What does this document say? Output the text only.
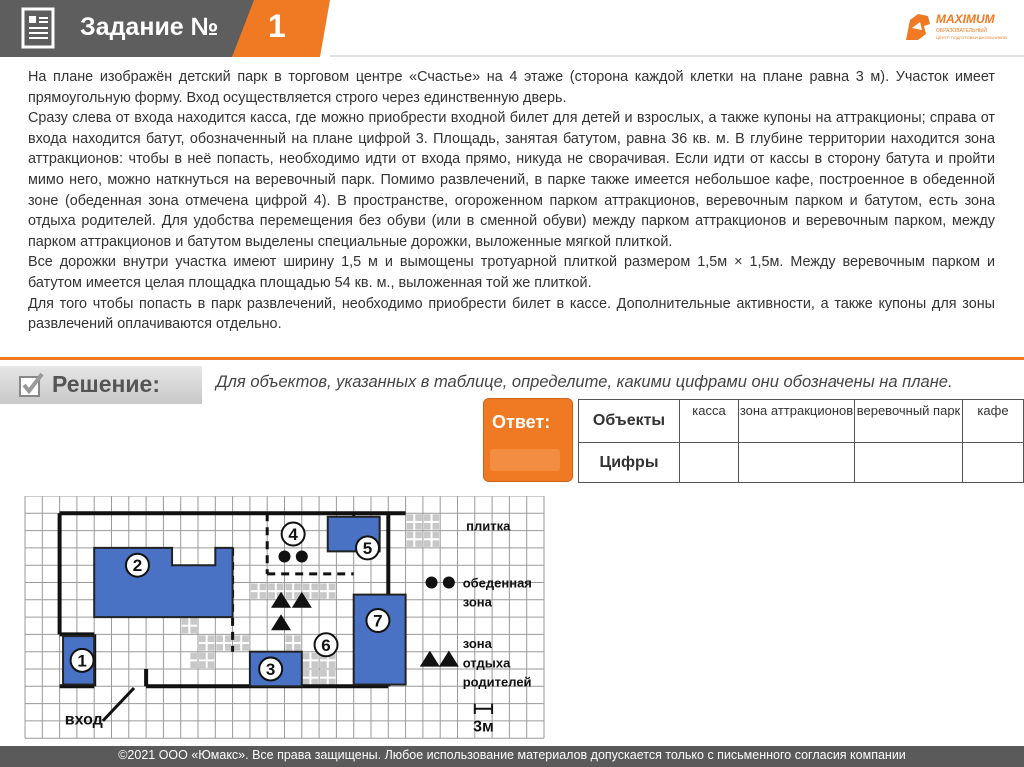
Задание № 1	MAXIMUM
ОБРАЗОВАТЕЛЬНЫЙ
ЦЕНТР ПОДГОТОВКИ ШКОЛЬНИКОВ

На плане изображён детский парк в торговом центре «Счастье» на 4 этаже (сторона каждой клетки на плане равна 3 м). Участок имеет прямоугольную форму. Вход осуществляется строго через единственную дверь.

Сразу слева от входа находится касса, где можно приобрести входной билет для детей и взрослых, а также купоны на аттракционы; справа от входа находится батут, обозначенный на плане цифрой 3. Площадь, занятая батутом, равна 36 кв. м. В глубине территории находится зона аттракционов: чтобы в неё попасть, необходимо идти от входа прямо, никуда не сворачивая. Если идти от кассы в сторону батута и пройти мимо него, можно наткнуться на веревочный парк. Помимо развлечений, в парке также имеется небольшое кафе, построенное в обеденной зоне (обеденная зона отмечена цифрой 4). В пространстве, огороженном парком аттракционов, веревочным парком и батутом, есть зона отдыха родителей. Для удобства перемещения без обуви (или в сменной обуви) между парком аттракционов и веревочным парком, между парком аттракционов и батутом выделены специальные дорожки, выложенные мягкой плиткой.

Все дорожки внутри участка имеют ширину 1,5 м и вымощены тротуарной плиткой размером 1,5м × 1,5м. Между веревочным парком и батутом имеется целая площадка площадью 54 кв. м., выложенная той же плиткой.

Для того чтобы попасть в парк развлечений, необходимо приобрести билет в кассе. Дополнительные активности, а также купоны для зоны развлечений оплачиваются отдельно.

Решение:	Для объектов, указанных в таблице, определите, какими цифрами они обозначены на плане.
Ответ:	Объекты	касса	зона аттракционов	веревочный парк	кафе
Цифры				
1
2
3
4
5
6
7
плитка
обеденная
зона
зона
отдыха
родителей
вход	3м
©2021 ООО «Юмакс». Все права защищены. Любое использование материалов допускается только с письменного согласия компании
